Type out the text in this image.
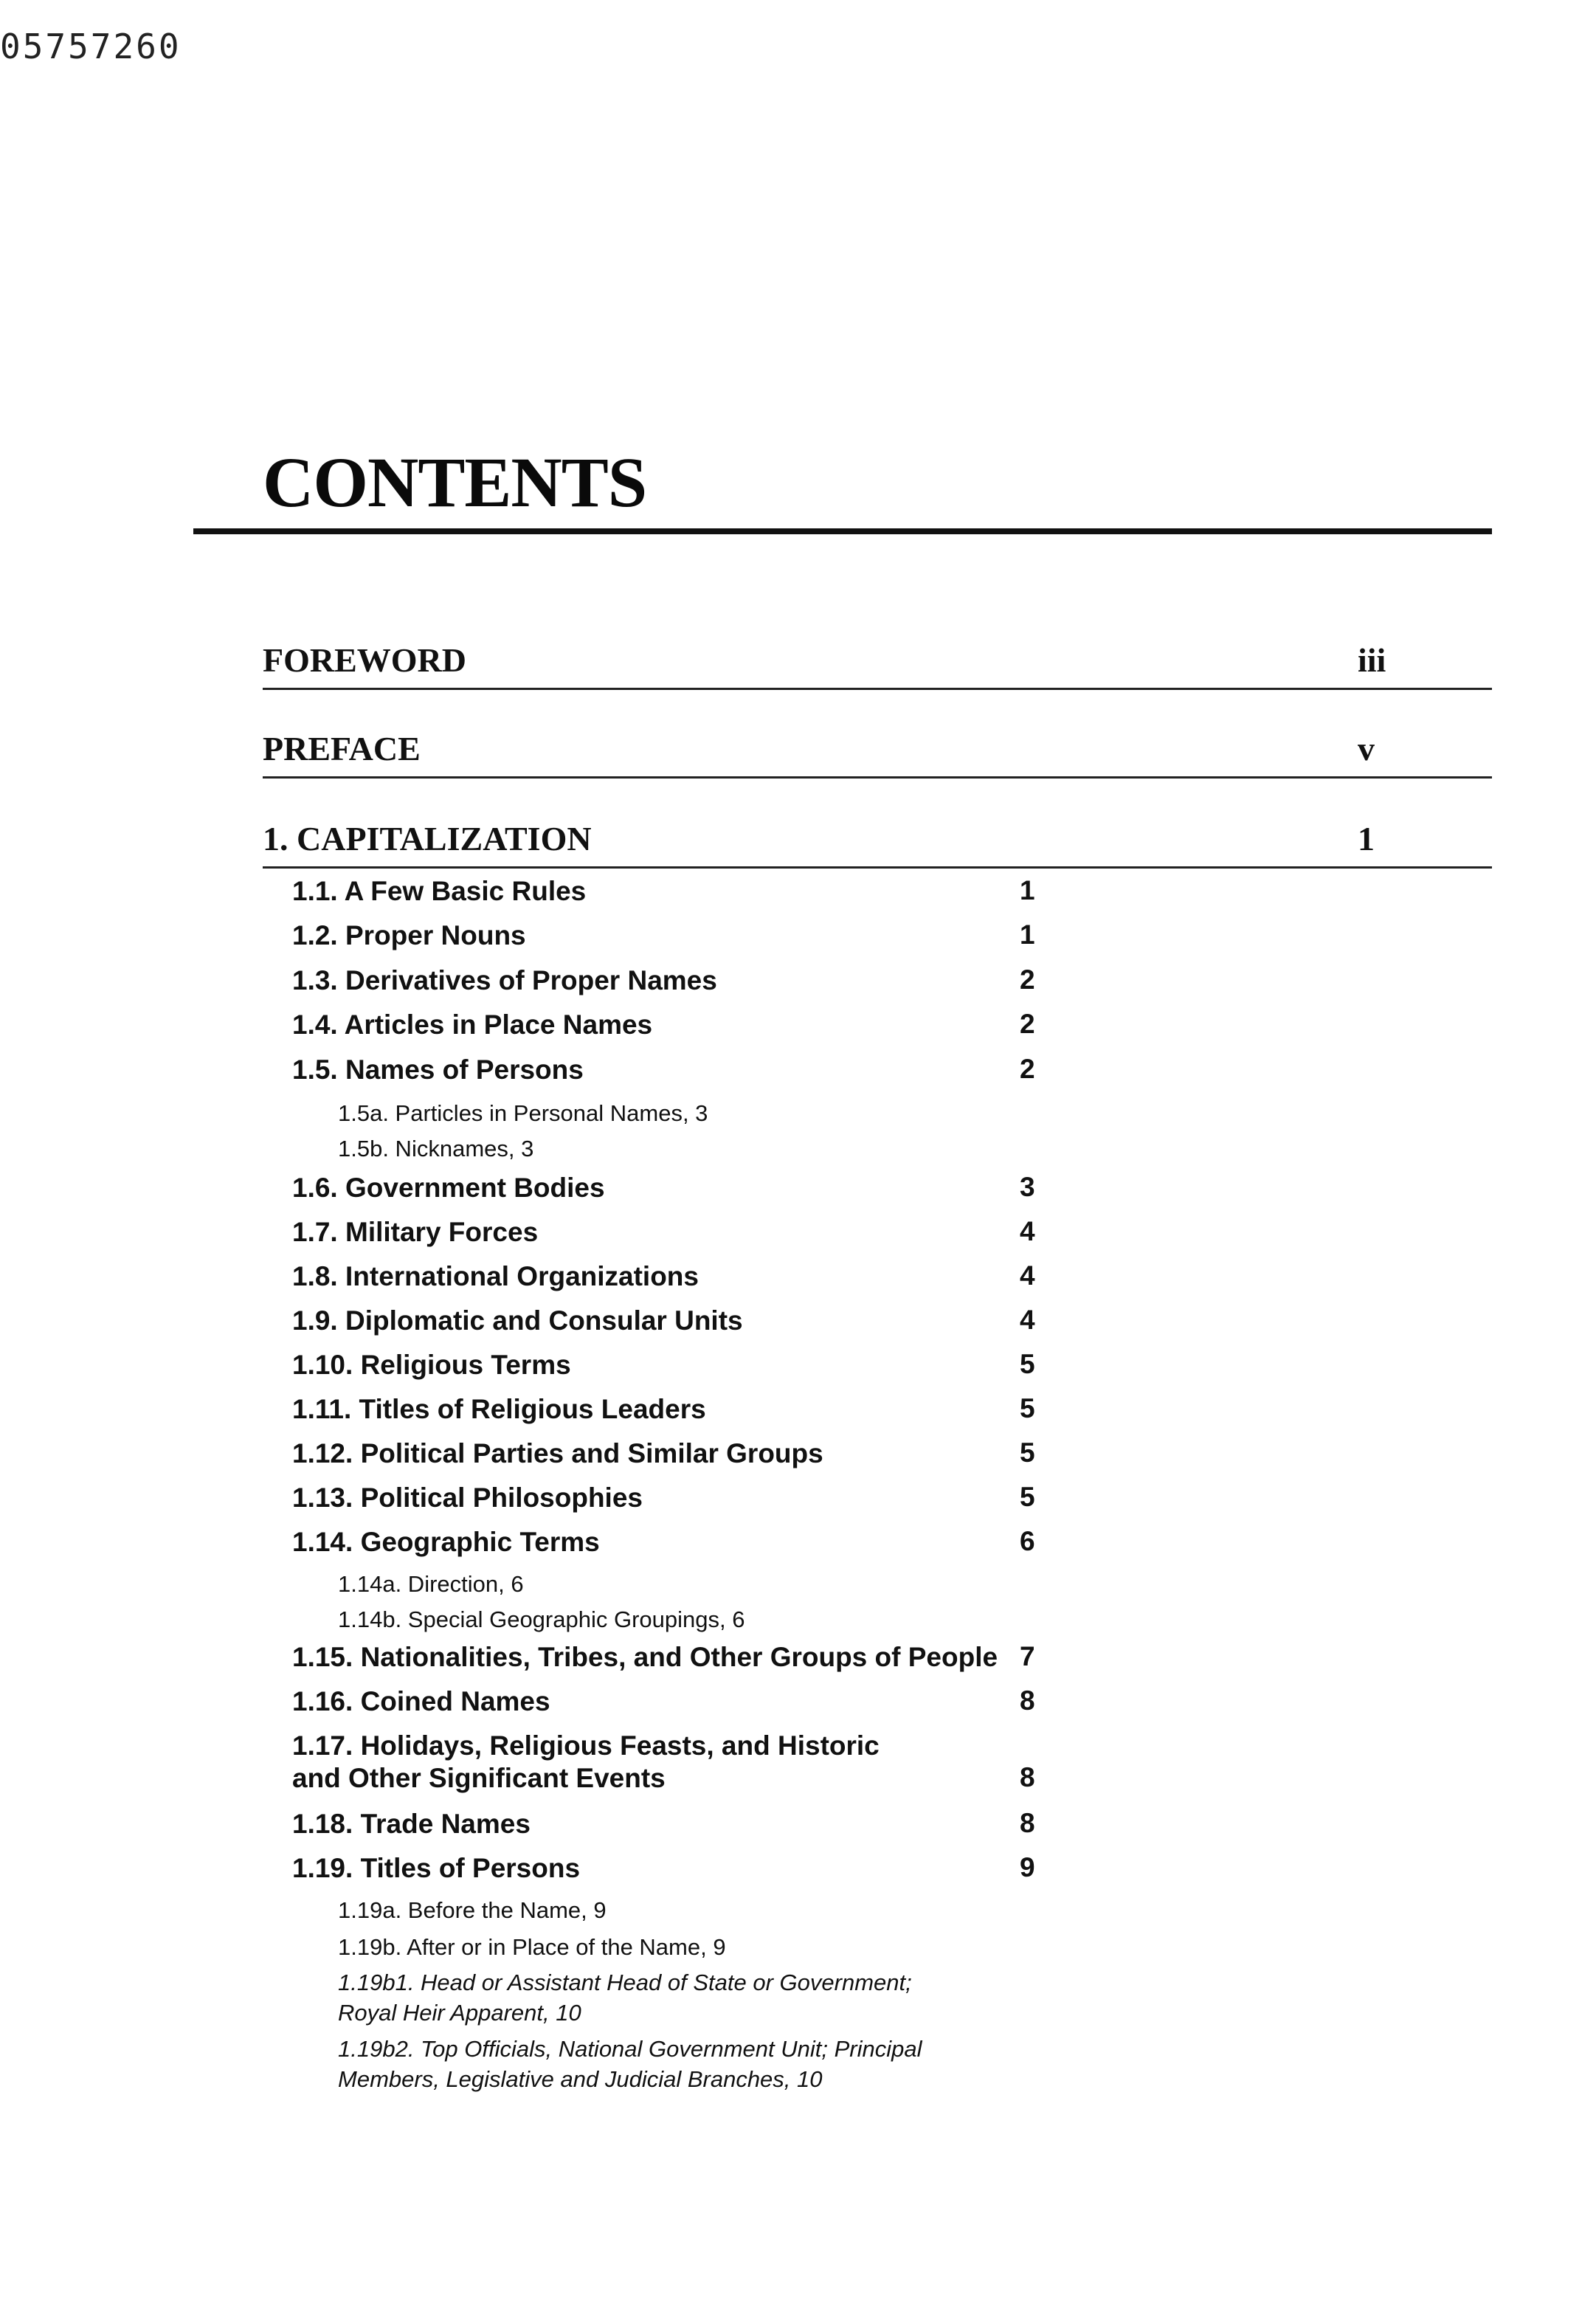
05757260
CONTENTS
FOREWORD	iii
PREFACE	v
1. CAPITALIZATION	1
1.1. A Few Basic Rules	1
1.2. Proper Nouns	1
1.3. Derivatives of Proper Names	2
1.4. Articles in Place Names	2
1.5. Names of Persons	2
1.5a. Particles in Personal Names, 3
1.5b. Nicknames, 3
1.6. Government Bodies	3
1.7. Military Forces	4
1.8. International Organizations	4
1.9. Diplomatic and Consular Units	4
1.10. Religious Terms	5
1.11. Titles of Religious Leaders	5
1.12. Political Parties and Similar Groups	5
1.13. Political Philosophies	5
1.14. Geographic Terms	6
1.14a. Direction, 6
1.14b. Special Geographic Groupings, 6
1.15. Nationalities, Tribes, and Other Groups of People 7
1.16. Coined Names	8
1.17. Holidays, Religious Feasts, and Historic
and Other Significant Events	8
1.18. Trade Names	8
1.19. Titles of Persons	9
1.19a. Before the Name, 9
1.19b. After or in Place of the Name, 9
1.19b1. Head or Assistant Head of State or Government;
Royal Heir Apparent, 10
1.19b2. Top Officials, National Government Unit; Principal
Members, Legislative and Judicial Branches, 10
